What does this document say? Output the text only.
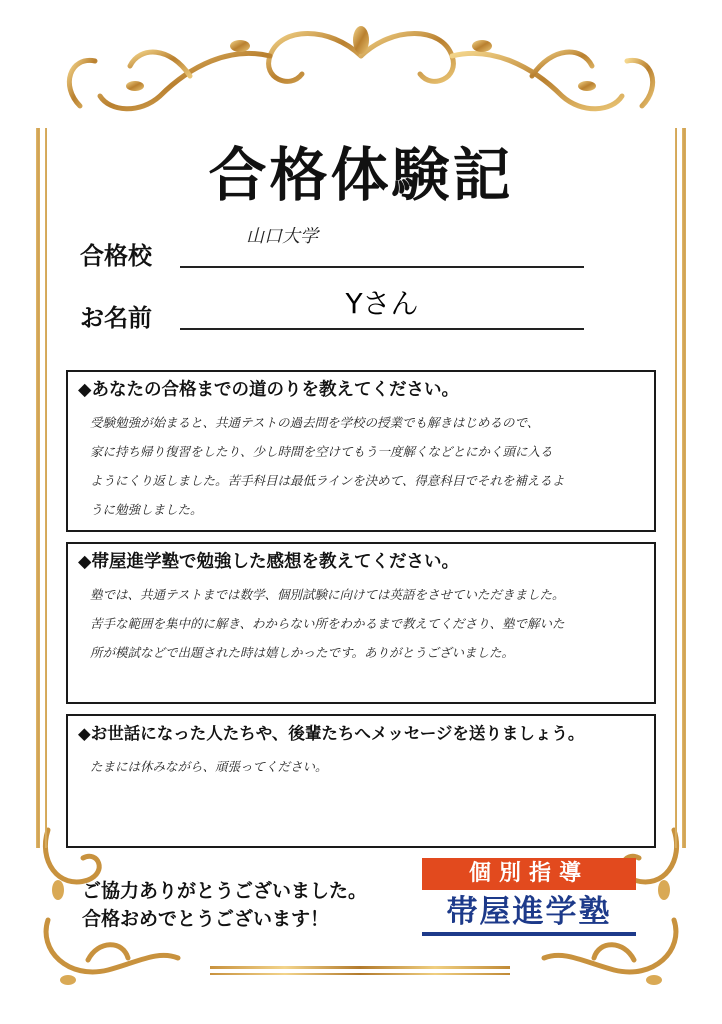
合格体験記
合格校
山口大学
お名前	Yさん
◆あなたの合格までの道のりを教えてください。
受験勉強が始まると、共通テストの過去問を学校の授業でも解きはじめるので、
家に持ち帰り復習をしたり、少し時間を空けてもう一度解くなどとにかく頭に入る
ようにくり返しました。苦手科目は最低ラインを決めて、得意科目でそれを補えるよ
うに勉強しました。
◆帯屋進学塾で勉強した感想を教えてください。
塾では、共通テストまでは数学、個別試験に向けては英語をさせていただきました。
苦手な範囲を集中的に解き、わからない所をわかるまで教えてくださり、塾で解いた
所が模試などで出題された時は嬉しかったです。ありがとうございました。
◆お世話になった人たちや、後輩たちへメッセージを送りましょう。
たまには休みながら、頑張ってください。
ご協力ありがとうございました。
合格おめでとうございます！
個別指導
帯屋進学塾
